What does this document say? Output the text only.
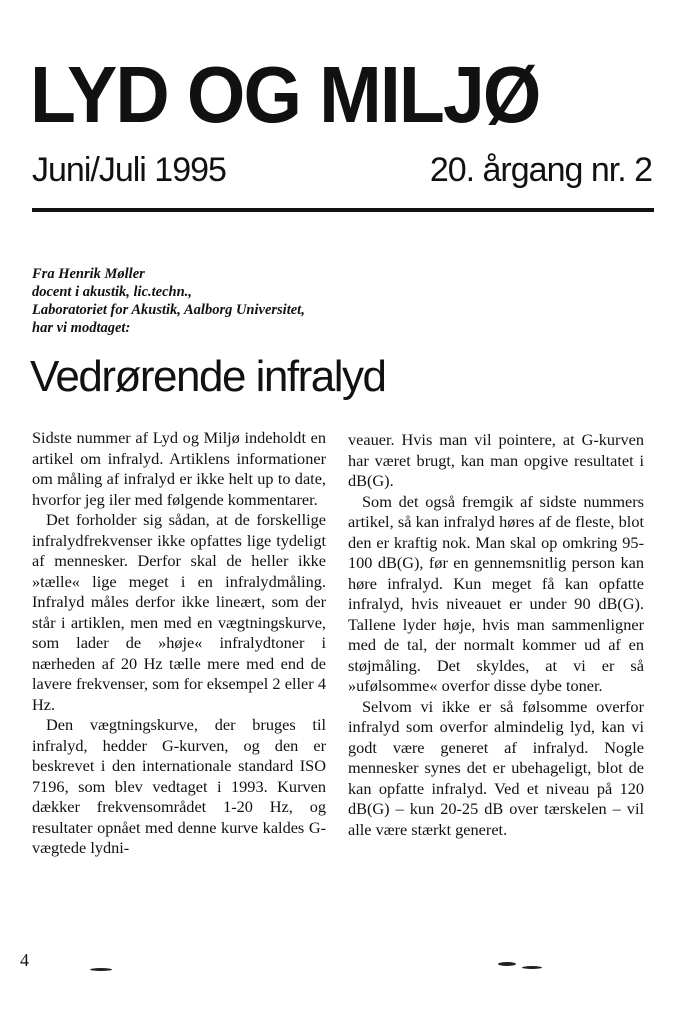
LYD OG MILJØ
Juni/Juli 1995	20. årgang nr. 2
Fra Henrik Møller
docent i akustik, lic.techn.,
Laboratoriet for Akustik, Aalborg Universitet,
har vi modtaget:
Vedrørende infralyd

Sidste nummer af Lyd og Miljø indeholdt en artikel om infralyd. Artiklens informationer om måling af infralyd er ikke helt up to date, hvorfor jeg iler med følgende kommentarer.

Det forholder sig sådan, at de forskellige infralydfrekvenser ikke opfattes lige tydeligt af mennesker. Derfor skal de heller ikke »tælle« lige meget i en infralydmåling. Infralyd måles derfor ikke lineært, som der står i artiklen, men med en vægtningskurve, som lader de »høje« infralydtoner i nærheden af 20 Hz tælle mere med end de lavere frekvenser, som for eksempel 2 eller 4 Hz.

Den vægtningskurve, der bruges til infralyd, hedder G-kurven, og den er beskrevet i den internationale standard ISO 7196, som blev vedtaget i 1993. Kurven dækker frekvensområdet 1-20 Hz, og resultater opnået med denne kurve kaldes G-vægtede lydni-

veauer. Hvis man vil pointere, at G-kurven har været brugt, kan man opgive resultatet i dB(G).

Som det også fremgik af sidste nummers artikel, så kan infralyd høres af de fleste, blot den er kraftig nok. Man skal op omkring 95-100 dB(G), før en gennemsnitlig person kan høre infralyd. Kun meget få kan opfatte infralyd, hvis niveauet er under 90 dB(G). Tallene lyder høje, hvis man sammenligner med de tal, der normalt kommer ud af en støjmåling. Det skyldes, at vi er så »ufølsomme« overfor disse dybe toner.

Selvom vi ikke er så følsomme overfor infralyd som overfor almindelig lyd, kan vi godt være generet af infralyd. Nogle mennesker synes det er ubehageligt, blot de kan opfatte infralyd. Ved et niveau på 120 dB(G) – kun 20-25 dB over tærskelen – vil alle være stærkt generet.

4
